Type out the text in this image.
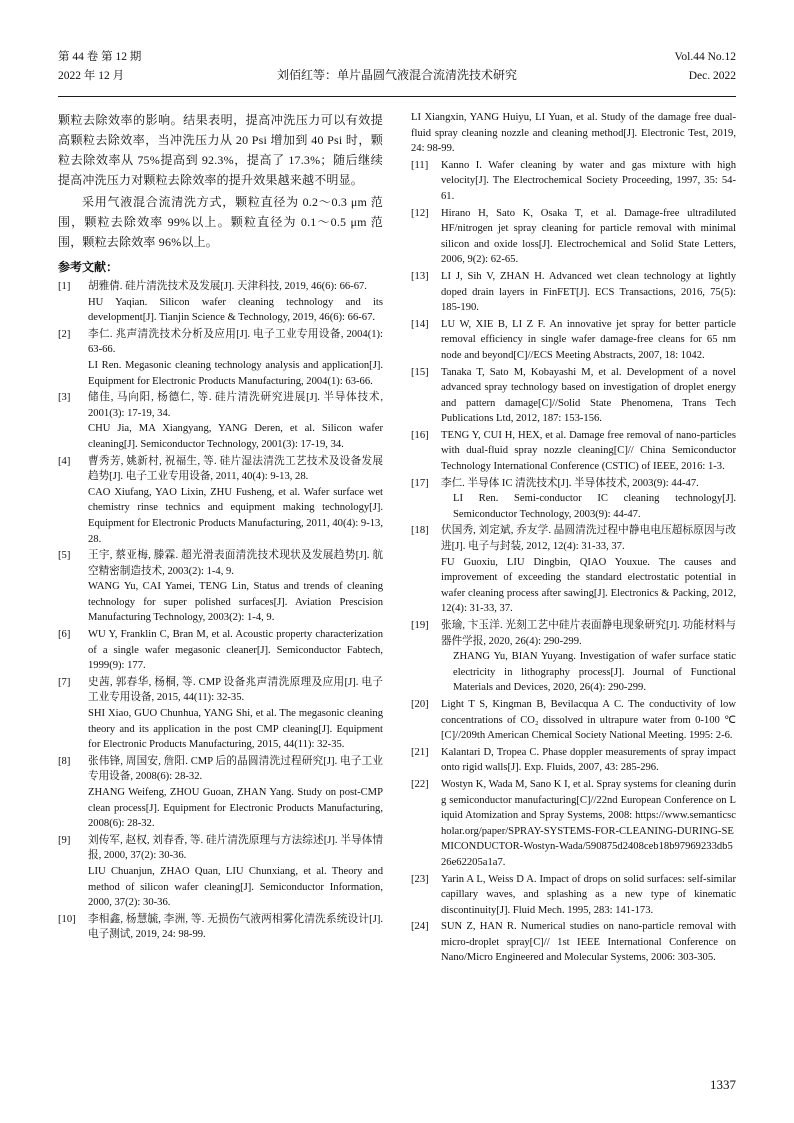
第 44 卷 第 12 期
2022 年 12 月
Vol.44 No.12
Dec. 2022
刘佰红等：单片晶圆气液混合流清洗技术研究

颗粒去除效率的影响。结果表明，提高冲洗压力可以有效提高颗粒去除效率，当冲洗压力从 20 Psi 增加到 40 Psi 时，颗粒去除效率从 75%提高到 92.3%，提高了 17.3%；随后继续提高冲洗压力对颗粒去除效率的提升效果越来越不明显。

采用气液混合流清洗方式，颗粒直径为 0.2～0.3 μm 范围，颗粒去除效率 99%以上。颗粒直径为 0.1～0.5 μm 范围，颗粒去除效率 96%以上。

参考文献：
[1]	胡雅倩. 硅片清洗技术及发展[J]. 天津科技, 2019, 46(6): 66-67.
HU Yaqian. Silicon wafer cleaning technology and its development[J]. Tianjin Science & Technology, 2019, 46(6): 66-67.
[2]	李仁. 兆声清洗技术分析及应用[J]. 电子工业专用设备, 2004(1): 63-66.
LI Ren. Megasonic cleaning technology analysis and application[J]. Equipment for Electronic Products Manufacturing, 2004(1): 63-66.
[3]	储佳, 马向阳, 杨德仁, 等. 硅片清洗研究进展[J]. 半导体技术, 2001(3): 17-19, 34.
CHU Jia, MA Xiangyang, YANG Deren, et al. Silicon wafer cleaning[J]. Semiconductor Technology, 2001(3): 17-19, 34.
[4]	曹秀芳, 姚新村, 祝福生, 等. 硅片湿法清洗工艺技术及设备发展趋势[J]. 电子工业专用设备, 2011, 40(4): 9-13, 28.
CAO Xiufang, YAO Lixin, ZHU Fusheng, et al. Wafer surface wet chemistry rinse technics and equipment making technology[J]. Equipment for Electronic Products Manufacturing, 2011, 40(4): 9-13, 28.
[5]	王宇, 蔡亚梅, 滕霖. 超光滑表面清洗技术现状及发展趋势[J]. 航空精密制造技术, 2003(2): 1-4, 9.
WANG Yu, CAI Yamei, TENG Lin, Status and trends of cleaning technology for super polished surfaces[J]. Aviation Prescision Manufacturing Technology, 2003(2): 1-4, 9.
[6]	WU Y, Franklin C, Bran M, et al. Acoustic property characterization of a single wafer megasonic cleaner[J]. Semiconductor Fabtech, 1999(9): 177.
[7]	史茜, 郭春华, 杨桐, 等. CMP 设备兆声清洗原理及应用[J]. 电子工业专用设备, 2015, 44(11): 32-35.
SHI Xiao, GUO Chunhua, YANG Shi, et al. The megasonic cleaning theory and its application in the post CMP cleaning[J]. Equipment for Electronic Products Manufacturing, 2015, 44(11): 32-35.
[8]	张伟锋, 周国安, 詹阳. CMP 后的晶圆清洗过程研究[J]. 电子工业专用设备, 2008(6): 28-32.
ZHANG Weifeng, ZHOU Guoan, ZHAN Yang. Study on post-CMP clean process[J]. Equipment for Electronic Products Manufacturing, 2008(6): 28-32.
[9]	刘传军, 赵权, 刘春香, 等. 硅片清洗原理与方法综述[J]. 半导体情报, 2000, 37(2): 30-36.
LIU Chuanjun, ZHAO Quan, LIU Chunxiang, et al. Theory and method of silicon wafer cleaning[J]. Semiconductor Information, 2000, 37(2): 30-36.
[10]	李相鑫, 杨慧毓, 李洲, 等. 无损伤气液两相雾化清洗系统设计[J]. 电子测试, 2019, 24: 98-99.
LI Xiangxin, YANG Huiyu, LI Yuan, et al. Study of the damage free dual-fluid spray cleaning nozzle and cleaning method[J]. Electronic Test, 2019, 24: 98-99.
[11]	Kanno I. Wafer cleaning by water and gas mixture with high velocity[J]. The Electrochemical Society Proceeding, 1997, 35: 54-61.
[12]	Hirano H, Sato K, Osaka T, et al. Damage-free ultradiluted HF/nitrogen jet spray cleaning for particle removal with minimal silicon and oxide loss[J]. Electrochemical and Solid State Letters, 2006, 9(2): 62-65.
[13]	LI J, Sih V, ZHAN H. Advanced wet clean technology at lightly doped drain layers in FinFET[J]. ECS Transactions, 2016, 75(5): 185-190.
[14]	LU W, XIE B, LI Z F. An innovative jet spray for better particle removal efficiency in single wafer damage-free cleans for 65 nm node and beyond[C]//ECS Meeting Abstracts, 2007, 18: 1042.
[15]	Tanaka T, Sato M, Kobayashi M, et al. Development of a novel advanced spray technology based on investigation of droplet energy and pattern damage[C]//Solid State Phenomena, Trans Tech Publications Ltd, 2012, 187: 153-156.
[16]	TENG Y, CUI H, HEX, et al. Damage free removal of nano-particles with dual-fluid spray nozzle cleaning[C]// China Semiconductor Technology International Conference (CSTIC) of IEEE, 2016: 1-3.
[17]	李仁. 半导体 IC 清洗技术[J]. 半导体技术, 2003(9): 44-47.
LI Ren. Semi-conductor IC cleaning technology[J]. Semiconductor Technology, 2003(9): 44-47.
[18]	伏国秀, 刘定斌, 乔友学. 晶圆清洗过程中静电电压超标原因与改进[J]. 电子与封装, 2012, 12(4): 31-33, 37.
FU Guoxiu, LIU Dingbin, QIAO Youxue. The causes and improvement of exceeding the standard electrostatic potential in wafer cleaning process after sawing[J]. Electronics & Packing, 2012, 12(4): 31-33, 37.
[19]	张瑜, 卞玉洋. 光刻工艺中硅片表面静电现象研究[J]. 功能材料与器件学报, 2020, 26(4): 290-299.
ZHANG Yu, BIAN Yuyang. Investigation of wafer surface static electricity in lithography process[J]. Journal of Functional Materials and Devices, 2020, 26(4): 290-299.
[20]	Light T S, Kingman B, Bevilacqua A C. The conductivity of low concentrations of CO₂ dissolved in ultrapure water from 0-100 ℃ [C]//209th American Chemical Society National Meeting. 1995: 2-6.
[21]	Kalantari D, Tropea C. Phase doppler measurements of spray impact onto rigid walls[J]. Exp. Fluids, 2007, 43: 285-296.
[22]	Wostyn K, Wada M, Sano K I, et al. Spray systems for cleaning during semiconductor manufacturing[C]//22nd European Conference on Liquid Atomization and Spray Systems, 2008: https://www.semanticscholar.org/paper/SPRAY-SYSTEMS-FOR-CLEANING-DURING-SEMICONDUCTOR-Wostyn-Wada/590875d2408ceb18b97969233db526e62205a1a7.
[23]	Yarin A L, Weiss D A. Impact of drops on solid surfaces: self-similar capillary waves, and splashing as a new type of kinematic discontinuity[J]. Fluid Mech. 1995, 283: 141-173.
[24]	SUN Z, HAN R. Numerical studies on nano-particle removal with micro-droplet spray[C]// 1st IEEE International Conference on Nano/Micro Engineered and Molecular Systems, 2006: 303-305.
1337
